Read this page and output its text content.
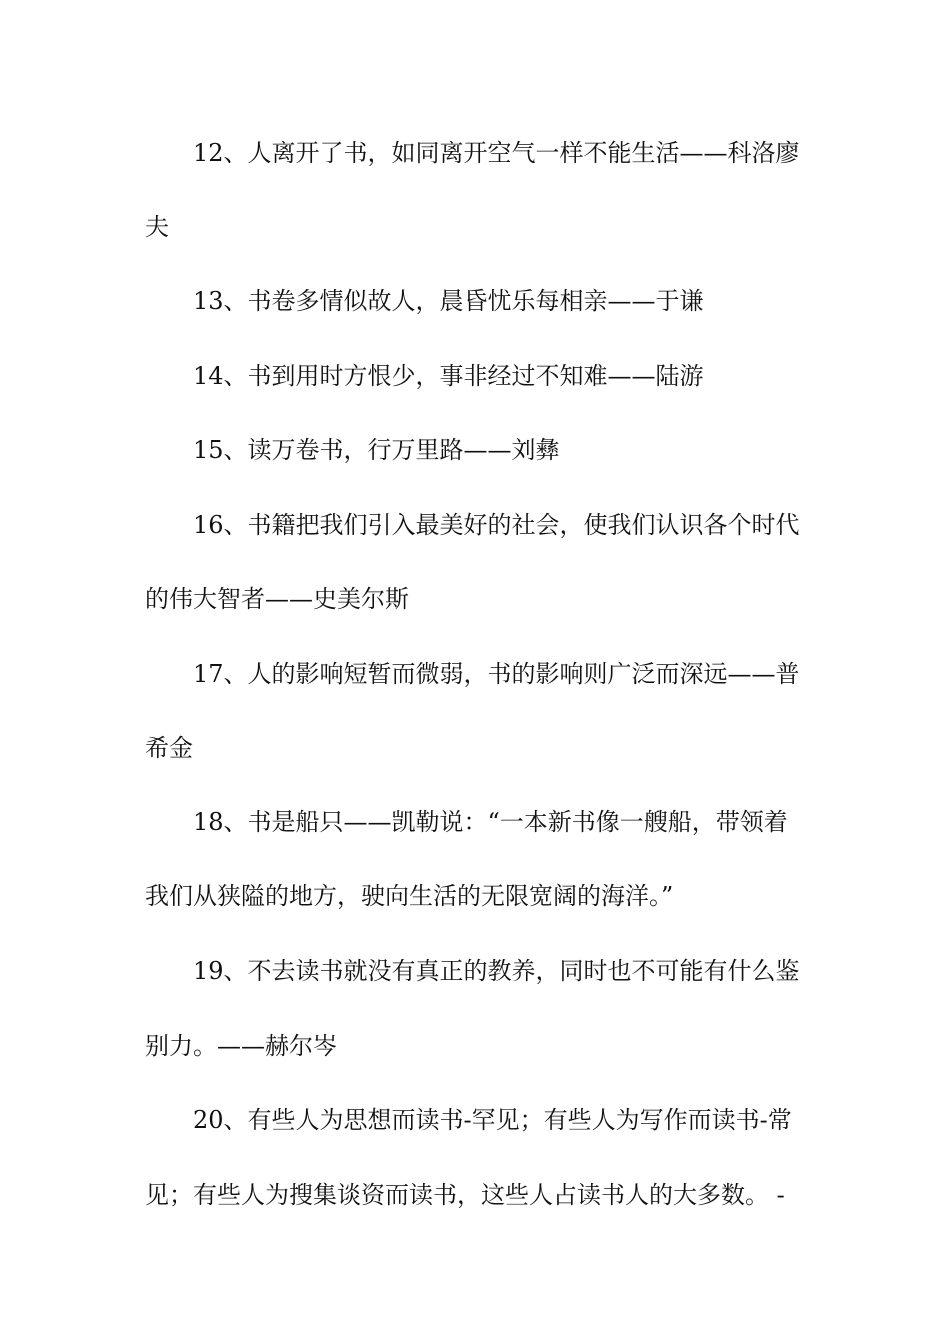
12、人离开了书，如同离开空气一样不能生活——科洛廖
夫
13、书卷多情似故人，晨昏忧乐每相亲——于谦
14、书到用时方恨少，事非经过不知难——陆游
15、读万卷书，行万里路——刘彝
16、书籍把我们引入最美好的社会，使我们认识各个时代
的伟大智者——史美尔斯
17、人的影响短暂而微弱，书的影响则广泛而深远——普
希金
18、书是船只——凯勒说：“一本新书像一艘船，带领着
我们从狭隘的地方，驶向生活的无限宽阔的海洋。”
19、不去读书就没有真正的教养，同时也不可能有什么鉴
别力。——赫尔岑
20、有些人为思想而读书-罕见；有些人为写作而读书-常
见；有些人为搜集谈资而读书，这些人占读书人的大多数。 -
